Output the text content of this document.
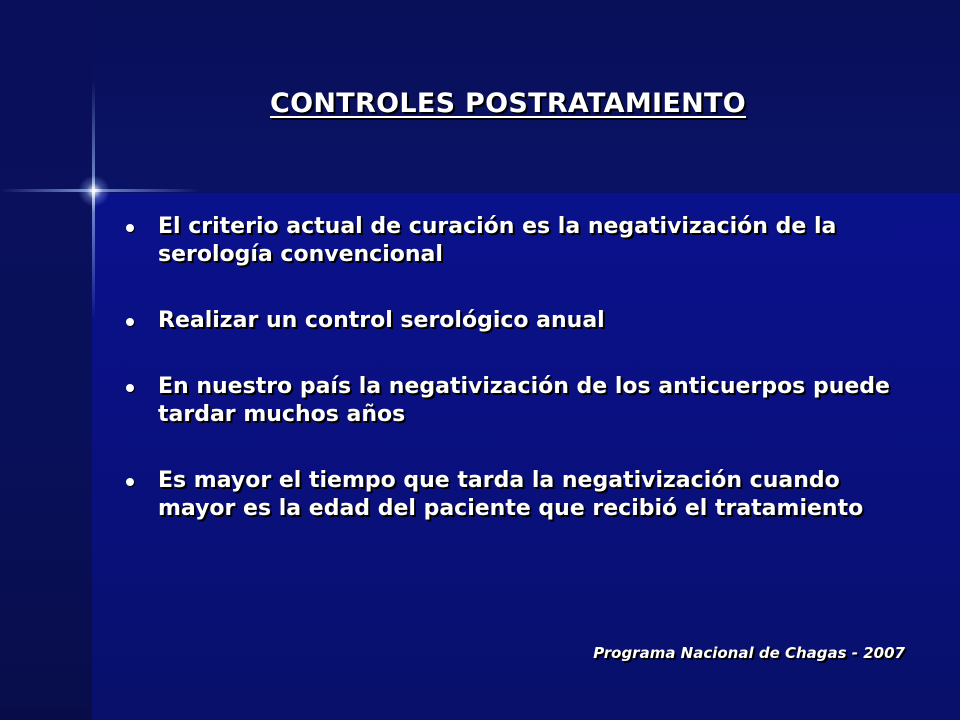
CONTROLES POSTRATAMIENTO
El criterio actual de curación es la negativización de la serología convencional
Realizar un control serológico anual
En nuestro país la negativización de los anticuerpos puede tardar muchos años
Es mayor el tiempo que tarda la negativización cuando mayor es la edad del paciente que recibió el tratamiento
Programa Nacional de Chagas - 2007
